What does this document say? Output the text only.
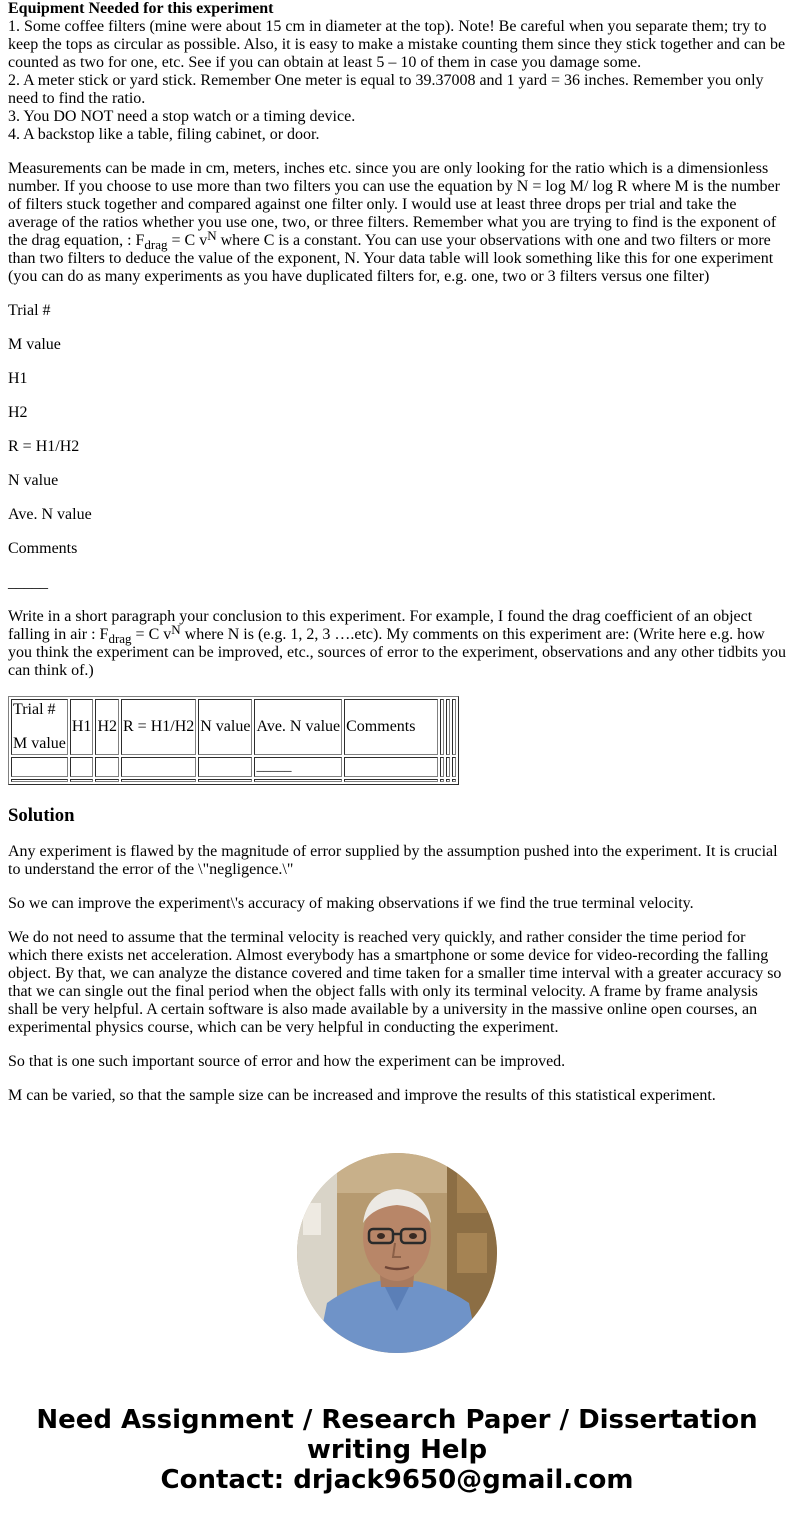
Equipment Needed for this experiment
1. Some coffee filters (mine were about 15 cm in diameter at the top). Note! Be careful when you separate them; try to keep the tops as circular as possible. Also, it is easy to make a mistake counting them since they stick together and can be counted as two for one, etc. See if you can obtain at least 5 – 10 of them in case you damage some.
2. A meter stick or yard stick. Remember One meter is equal to 39.37008 and 1 yard = 36 inches. Remember you only need to find the ratio.
3. You DO NOT need a stop watch or a timing device.
4. A backstop like a table, filing cabinet, or door.

Measurements can be made in cm, meters, inches etc. since you are only looking for the ratio which is a dimensionless number. If you choose to use more than two filters you can use the equation by N = log M/ log R where M is the number of filters stuck together and compared against one filter only. I would use at least three drops per trial and take the average of the ratios whether you use one, two, or three filters. Remember what you are trying to find is the exponent of the drag equation, : $F_{drag} = C$ $v^N$ where C is a constant. You can use your observations with one and two filters or more than two filters to deduce the value of the exponent, N. Your data table will look something like this for one experiment (you can do as many experiments as you have duplicated filters for, e.g. one, two or 3 filters versus one filter)

Trial #

M value

H1

H2

R = H1/H2

N value

Ave. N value

Comments

_____

Write in a short paragraph your conclusion to this experiment. For example, I found the drag coefficient of an object falling in air : $F_{drag} = C$ $v^N$ where N is (e.g. 1, 2, 3 ….etc). My comments on this experiment are: (Write here e.g. how you think the experiment can be improved, etc., sources of error to the experiment, observations and any other tidbits you can think of.)

Trial #

M value	H1	H2	R = H1/H2	N value	Ave. N value	Comments			
					_____				

Solution

Any experiment is flawed by the magnitude of error supplied by the assumption pushed into the experiment. It is crucial to understand the error of the \"negligence.\"

So we can improve the experiment\'s accuracy of making observations if we find the true terminal velocity.

We do not need to assume that the terminal velocity is reached very quickly, and rather consider the time period for which there exists net acceleration. Almost everybody has a smartphone or some device for video-recording the falling object. By that, we can analyze the distance covered and time taken for a smaller time interval with a greater accuracy so that we can single out the final period when the object falls with only its terminal velocity. A frame by frame analysis shall be very helpful. A certain software is also made available by a university in the massive online open courses, an experimental physics course, which can be very helpful in conducting the experiment.

So that is one such important source of error and how the experiment can be improved.

M can be varied, so that the sample size can be increased and improve the results of this statistical experiment.

Need Assignment / Research Paper / Dissertation
writing Help
Contact: drjack9650@gmail.com
